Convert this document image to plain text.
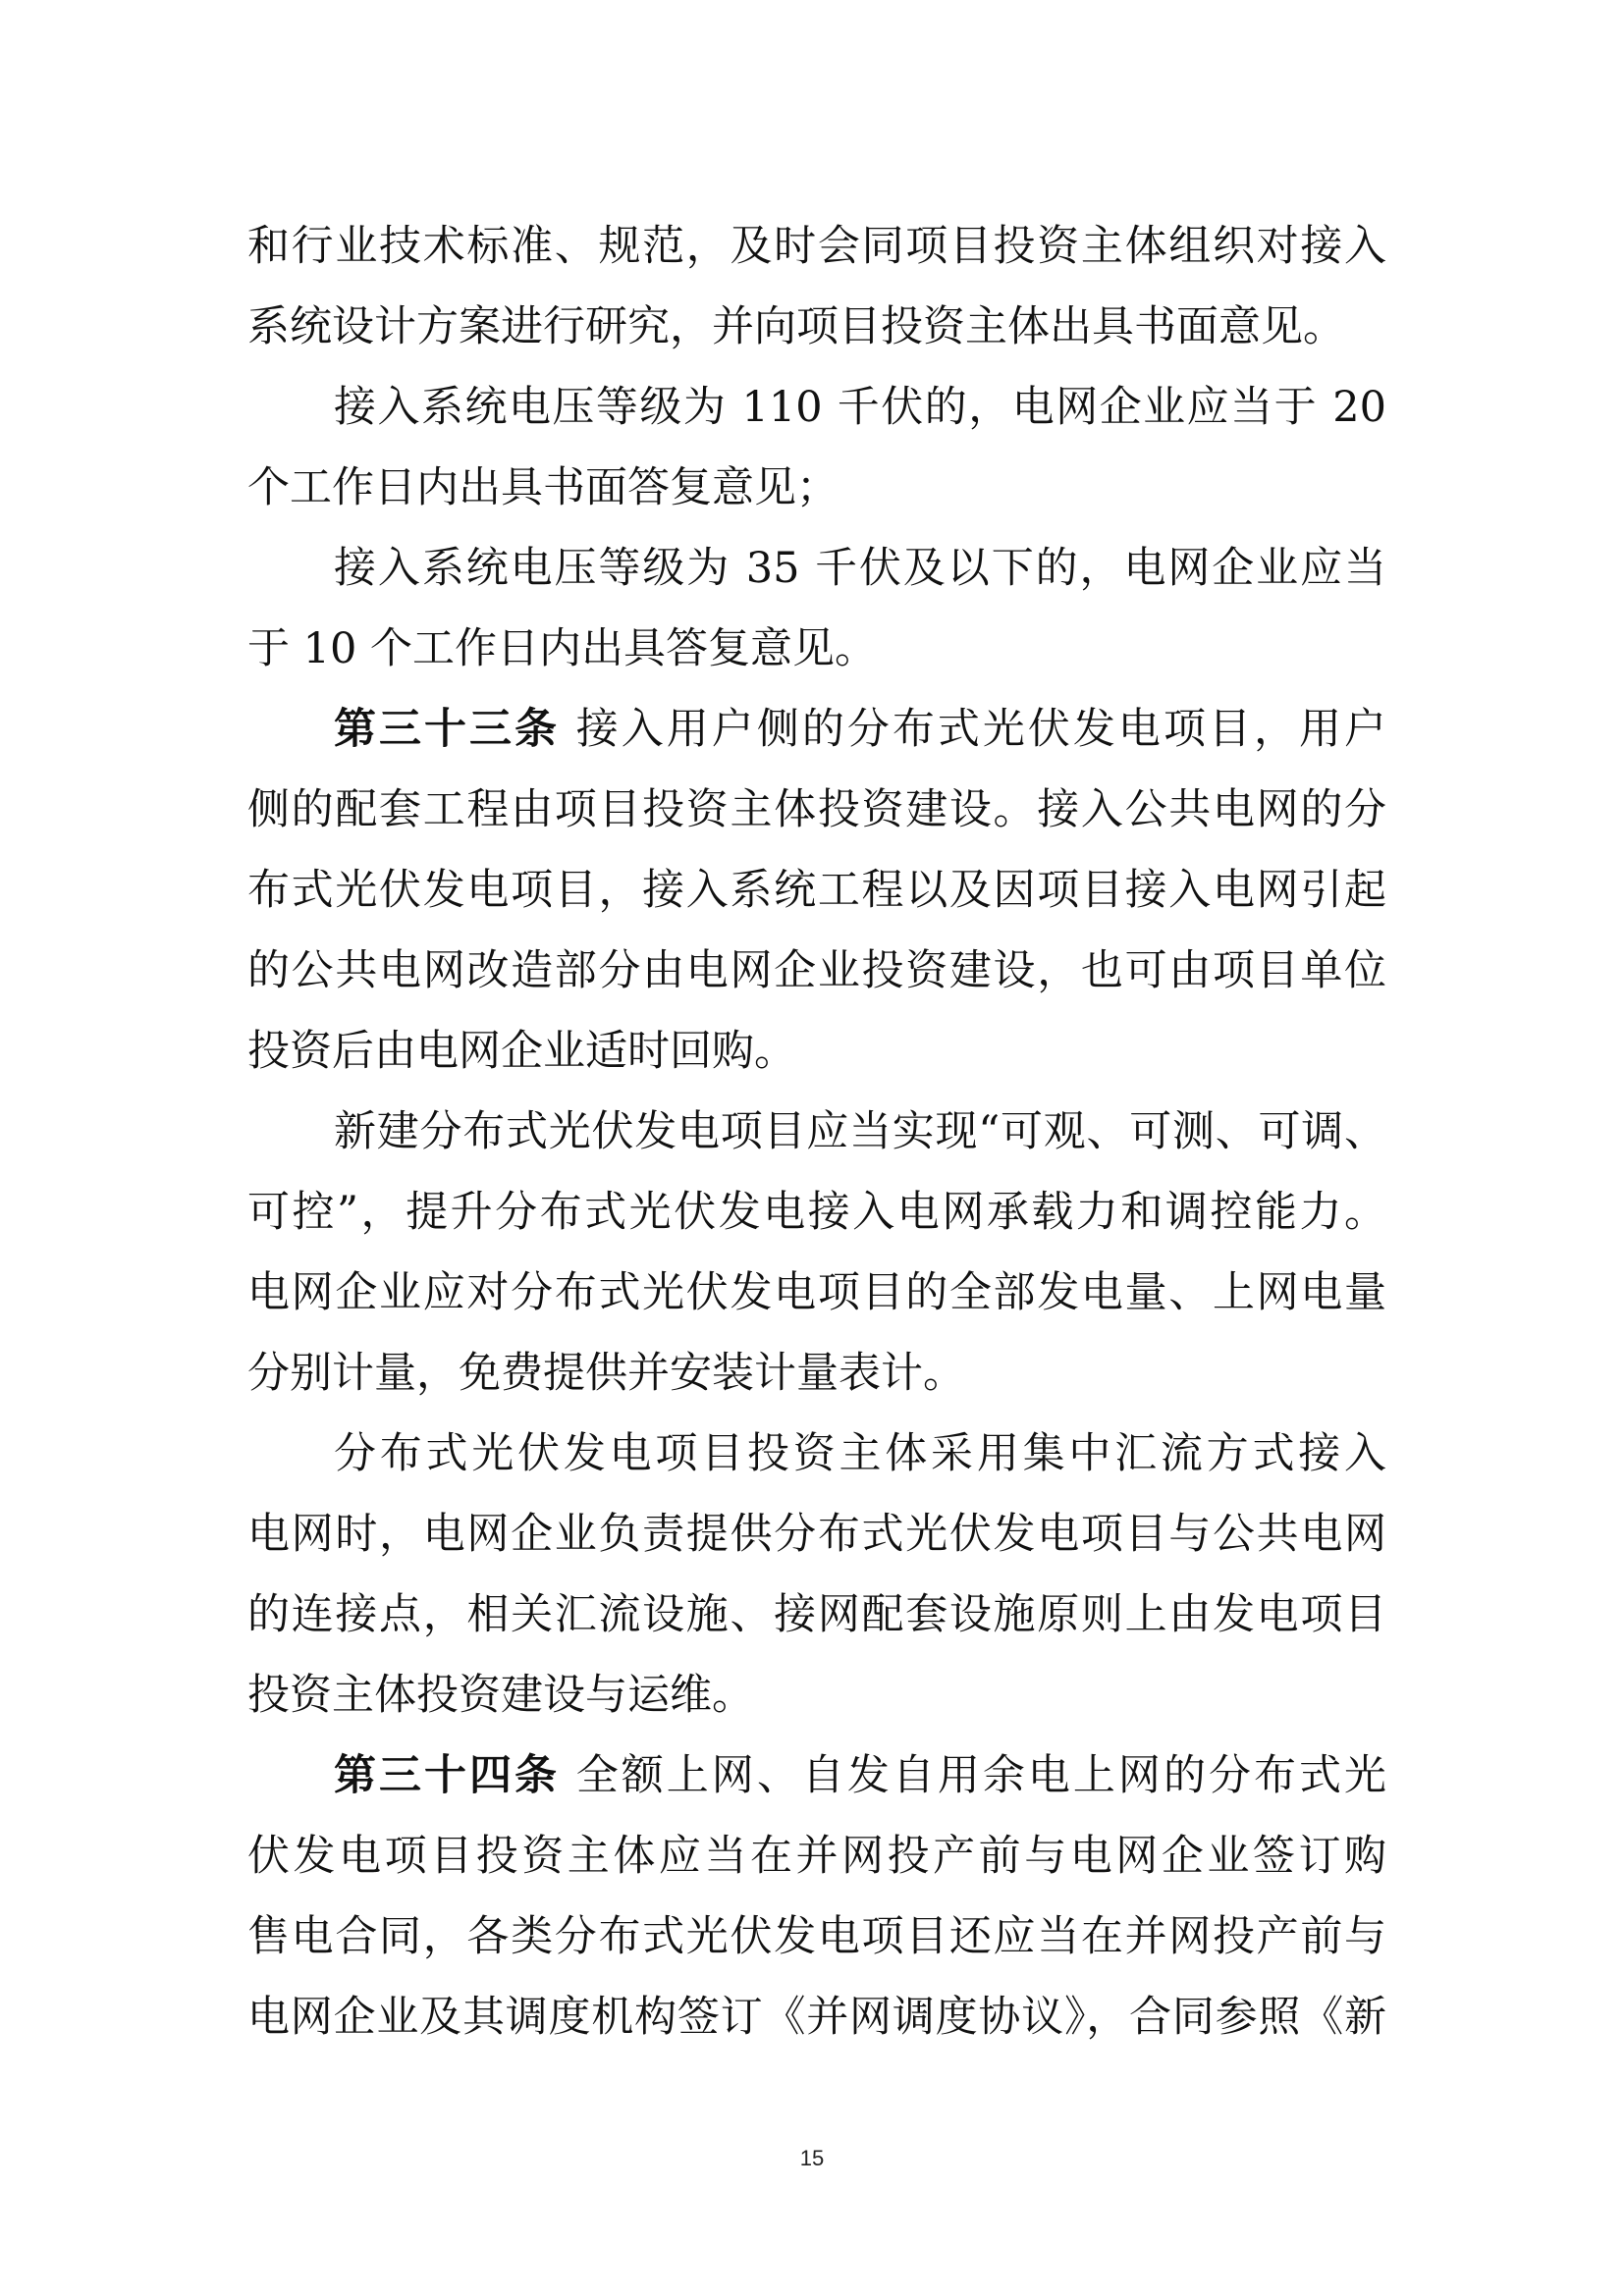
和行业技术标准、规范，及时会同项目投资主体组织对接入
系统设计方案进行研究，并向项目投资主体出具书面意见。
接入系统电压等级为 110 千伏的，电网企业应当于 20
个工作日内出具书面答复意见；
接入系统电压等级为 35 千伏及以下的，电网企业应当
于 10 个工作日内出具答复意见。
第三十三条 接入用户侧的分布式光伏发电项目，用户
侧的配套工程由项目投资主体投资建设。接入公共电网的分
布式光伏发电项目，接入系统工程以及因项目接入电网引起
的公共电网改造部分由电网企业投资建设，也可由项目单位
投资后由电网企业适时回购。
新建分布式光伏发电项目应当实现“可观、可测、可调、
可控”，提升分布式光伏发电接入电网承载力和调控能力。
电网企业应对分布式光伏发电项目的全部发电量、上网电量
分别计量，免费提供并安装计量表计。
分布式光伏发电项目投资主体采用集中汇流方式接入
电网时，电网企业负责提供分布式光伏发电项目与公共电网
的连接点，相关汇流设施、接网配套设施原则上由发电项目
投资主体投资建设与运维。
第三十四条 全额上网、自发自用余电上网的分布式光
伏发电项目投资主体应当在并网投产前与电网企业签订购
售电合同，各类分布式光伏发电项目还应当在并网投产前与
电网企业及其调度机构签订《并网调度协议》，合同参照《新
15
